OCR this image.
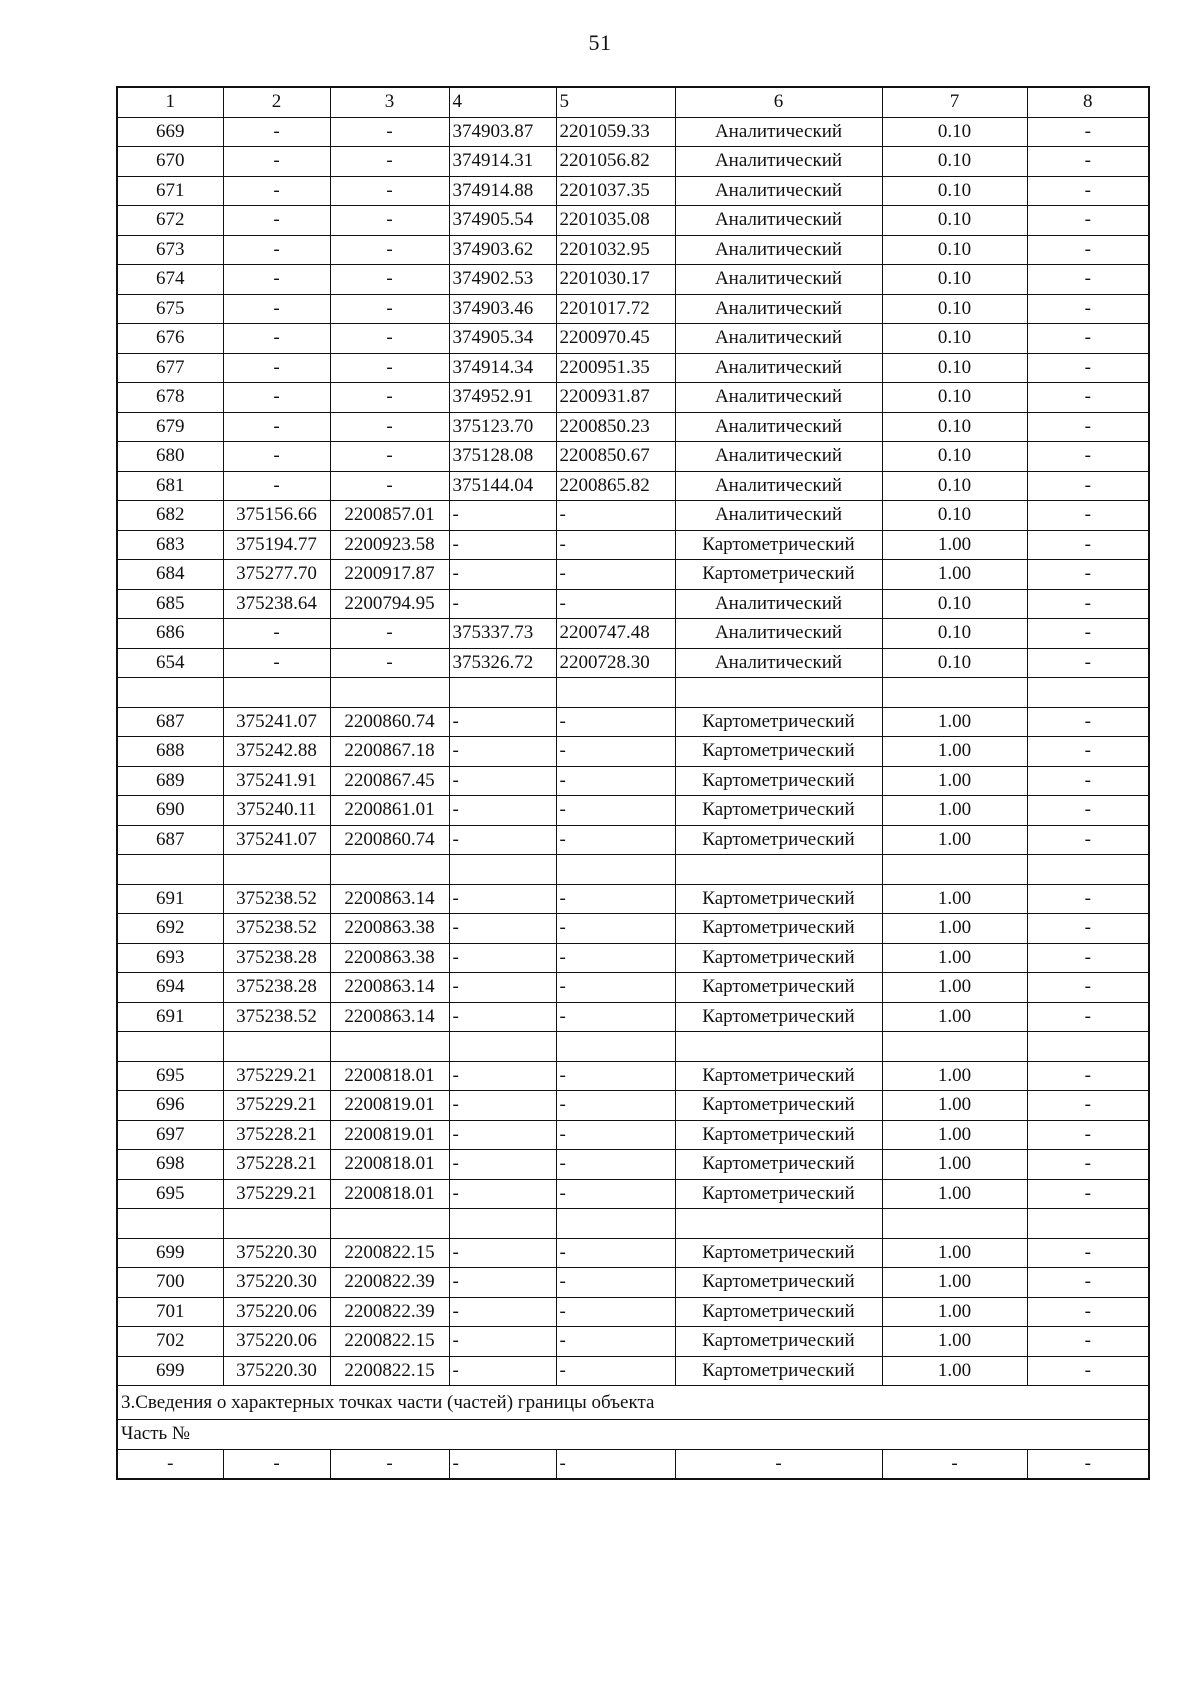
51
1	2	3	4	5	6	7	8
669	-	-	374903.87	2201059.33	Аналитический	0.10	-
670	-	-	374914.31	2201056.82	Аналитический	0.10	-
671	-	-	374914.88	2201037.35	Аналитический	0.10	-
672	-	-	374905.54	2201035.08	Аналитический	0.10	-
673	-	-	374903.62	2201032.95	Аналитический	0.10	-
674	-	-	374902.53	2201030.17	Аналитический	0.10	-
675	-	-	374903.46	2201017.72	Аналитический	0.10	-
676	-	-	374905.34	2200970.45	Аналитический	0.10	-
677	-	-	374914.34	2200951.35	Аналитический	0.10	-
678	-	-	374952.91	2200931.87	Аналитический	0.10	-
679	-	-	375123.70	2200850.23	Аналитический	0.10	-
680	-	-	375128.08	2200850.67	Аналитический	0.10	-
681	-	-	375144.04	2200865.82	Аналитический	0.10	-
682	375156.66	2200857.01	-	-	Аналитический	0.10	-
683	375194.77	2200923.58	-	-	Картометрический	1.00	-
684	375277.70	2200917.87	-	-	Картометрический	1.00	-
685	375238.64	2200794.95	-	-	Аналитический	0.10	-
686	-	-	375337.73	2200747.48	Аналитический	0.10	-
654	-	-	375326.72	2200728.30	Аналитический	0.10	-

687	375241.07	2200860.74	-	-	Картометрический	1.00	-
688	375242.88	2200867.18	-	-	Картометрический	1.00	-
689	375241.91	2200867.45	-	-	Картометрический	1.00	-
690	375240.11	2200861.01	-	-	Картометрический	1.00	-
687	375241.07	2200860.74	-	-	Картометрический	1.00	-

691	375238.52	2200863.14	-	-	Картометрический	1.00	-
692	375238.52	2200863.38	-	-	Картометрический	1.00	-
693	375238.28	2200863.38	-	-	Картометрический	1.00	-
694	375238.28	2200863.14	-	-	Картометрический	1.00	-
691	375238.52	2200863.14	-	-	Картометрический	1.00	-

695	375229.21	2200818.01	-	-	Картометрический	1.00	-
696	375229.21	2200819.01	-	-	Картометрический	1.00	-
697	375228.21	2200819.01	-	-	Картометрический	1.00	-
698	375228.21	2200818.01	-	-	Картометрический	1.00	-
695	375229.21	2200818.01	-	-	Картометрический	1.00	-

699	375220.30	2200822.15	-	-	Картометрический	1.00	-
700	375220.30	2200822.39	-	-	Картометрический	1.00	-
701	375220.06	2200822.39	-	-	Картометрический	1.00	-
702	375220.06	2200822.15	-	-	Картометрический	1.00	-
699	375220.30	2200822.15	-	-	Картометрический	1.00	-
3.Сведения о характерных точках части (частей) границы объекта							
Часть №							
-	-	-	-	-	-	-	-
